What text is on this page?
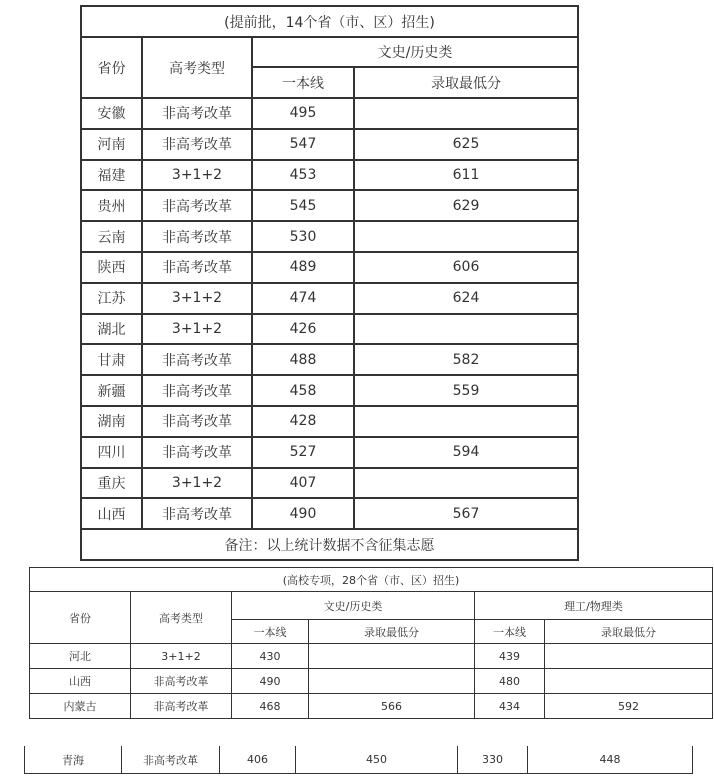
(提前批，14个省（市、区）招生)			
省份	高考类型	文史/历史类	
		一本线	录取最低分
安徽	非高考改革	495	
河南	非高考改革	547	625
福建	3+1+2	453	611
贵州	非高考改革	545	629
云南	非高考改革	530	
陕西	非高考改革	489	606
江苏	3+1+2	474	624
湖北	3+1+2	426	
甘肃	非高考改革	488	582
新疆	非高考改革	458	559
湖南	非高考改革	428	
四川	非高考改革	527	594
重庆	3+1+2	407	
山西	非高考改革	490	567
备注：以上统计数据不含征集志愿			
(高校专项，28个省（市、区）招生)					
省份	高考类型	文史/历史类		理工/物理类	
		一本线	录取最低分	一本线	录取最低分
河北	3+1+2	430		439	
山西	非高考改革	490		480	
内蒙古	非高考改革	468	566	434	592
青海	非高考改革	406	450	330	448
